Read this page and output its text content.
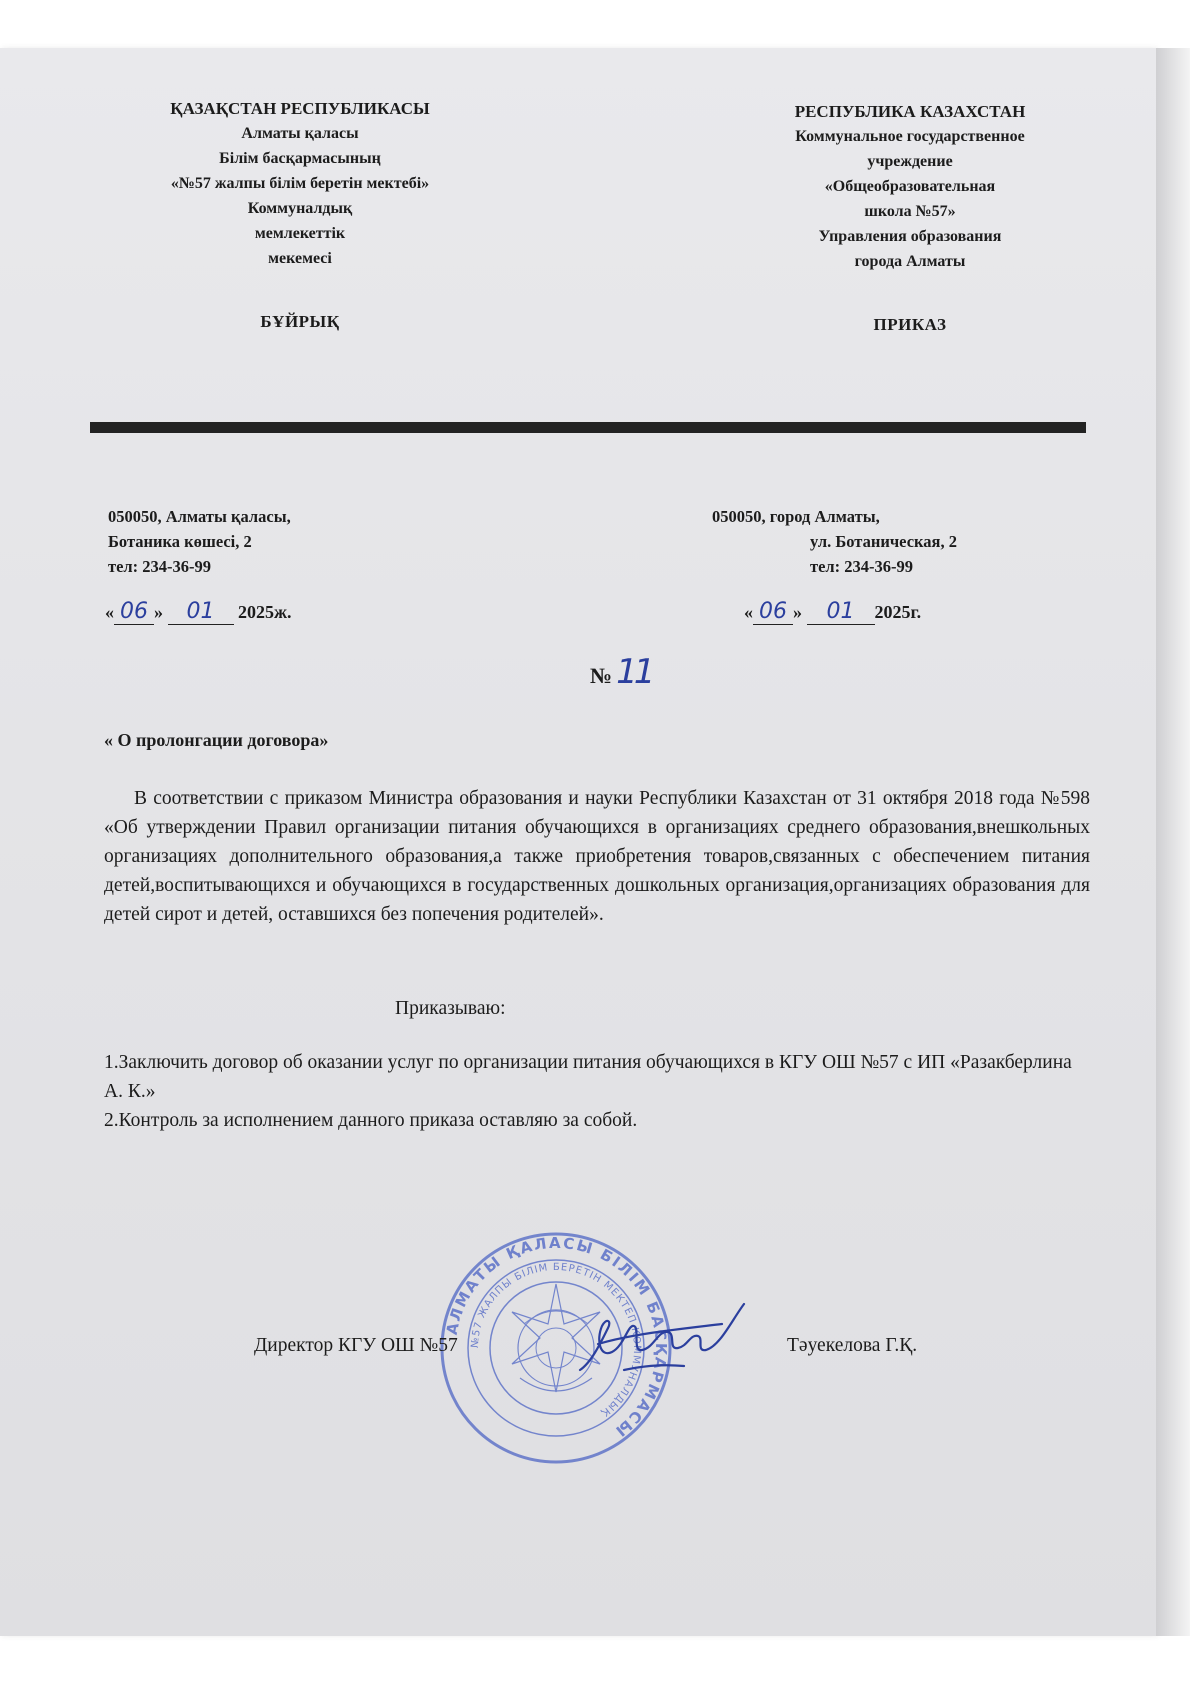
ҚАЗАҚСТАН РЕСПУБЛИКАСЫ
Алматы қаласы
Білім басқармасының
«№57 жалпы білім беретін мектебі»
Коммуналдық
мемлекеттік
мекемесі
БҰЙРЫҚ
РЕСПУБЛИКА КАЗАХСТАН
Коммунальное государственное
учреждение
«Общеобразовательная
школа №57»
Управления образования
города Алматы
ПРИКАЗ
050050, Алматы қаласы,
Ботаника көшесі, 2
тел: 234-36-99
050050, город Алматы,
ул. Ботаническая, 2
тел: 234-36-99
« 06 » 01 2025ж.	« 06 » 01 2025г.
№ 11
« О пролонгации договора»
В соответствии с приказом Министра образования и науки Республики Казахстан от 31 октября 2018 года №598 «Об утверждении Правил организации питания обучающихся в организациях среднего образования,внешкольных организациях дополнительного образования,а также приобретения товаров,связанных с обеспечением питания детей,воспитывающихся и обучающихся в государственных дошкольных организация,организациях образования для детей сирот и детей, оставшихся без попечения родителей».
Приказываю:
1.Заключить договор об оказании услуг по организации питания обучающихся в КГУ ОШ №57 с ИП «Разакберлина А. К.»
2.Контроль за исполнением данного приказа оставляю за собой.
АЛМАТЫ ҚАЛАСЫ БІЛІМ БАСҚАРМАСЫ
№57 ЖАЛПЫ БІЛІМ БЕРЕТІН МЕКТЕП КОММУНАЛДЫҚ
Директор КГУ ОШ №57	Тәуекелова Г.Қ.
